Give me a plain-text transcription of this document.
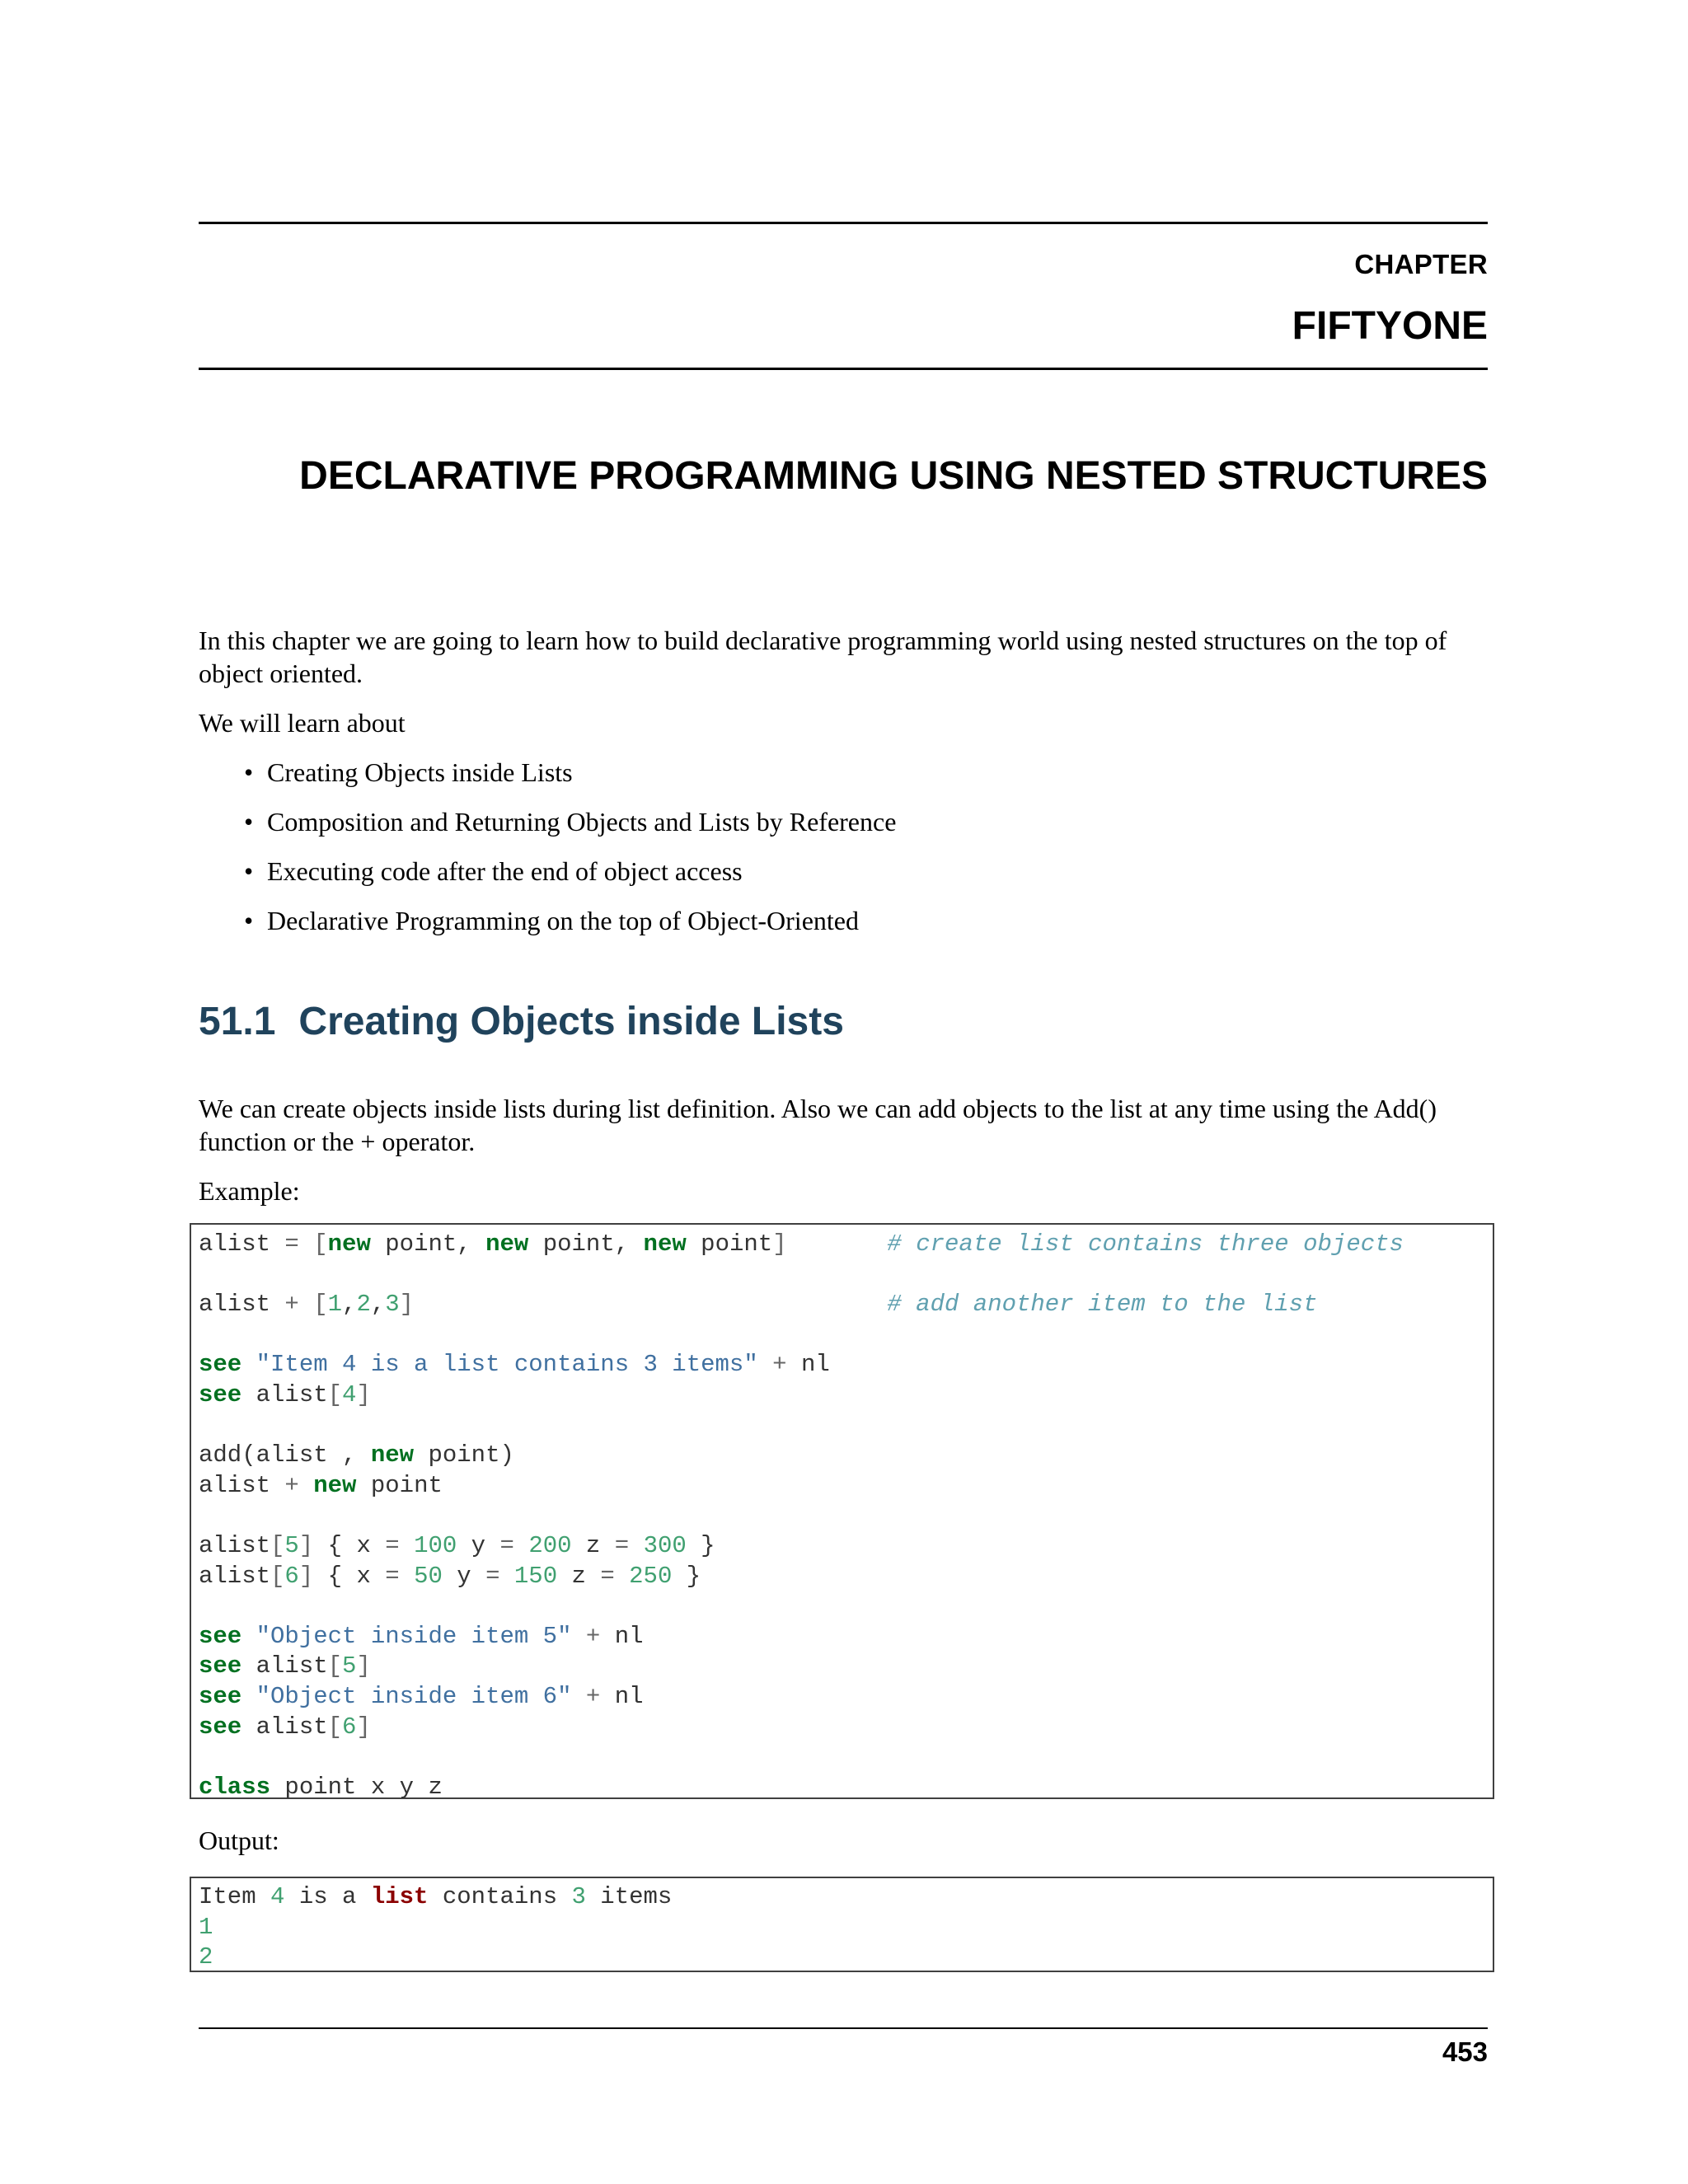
CHAPTER
FIFTYONE
DECLARATIVE PROGRAMMING USING NESTED STRUCTURES
In this chapter we are going to learn how to build declarative programming world using nested structures on the top of object oriented.
We will learn about
• Creating Objects inside Lists
• Composition and Returning Objects and Lists by Reference
• Executing code after the end of object access
• Declarative Programming on the top of Object-Oriented
51.1 Creating Objects inside Lists
We can create objects inside lists during list definition. Also we can add objects to the list at any time using the Add() function or the + operator.
Example:
alist = [new point, new point, new point]	# create list contains three objects

alist + [1,2,3]	# add another item to the list

see "Item 4 is a list contains 3 items" + nl
see alist[4]

add(alist , new point)
alist + new point

alist[5] { x = 100 y = 200 z = 300 }
alist[6] { x = 50 y = 150 z = 250 }

see "Object inside item 5" + nl
see alist[5]
see "Object inside item 6" + nl
see alist[6]

class point x y z
Output:
Item 4 is a list contains 3 items
1
2
453
